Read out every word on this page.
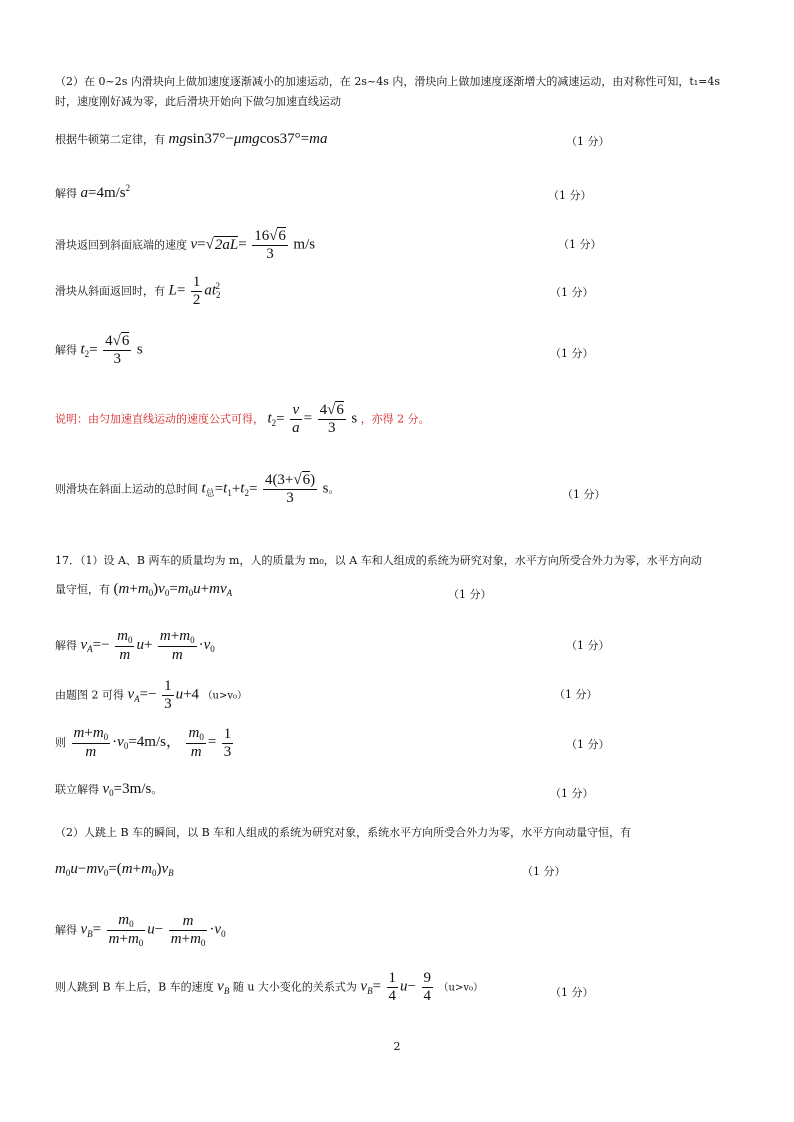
（2）在 0~2s 内滑块向上做加速度逐渐减小的加速运动，在 2s~4s 内，滑块向上做加速度逐渐增大的减速运动，由对称性可知，t₁=4s
时，速度刚好减为零，此后滑块开始向下做匀加速直线运动
根据牛顿第二定律，有 mgsin37°−μmgcos37°=ma	（1 分）
解得 $a=4m/s^2$
（1 分）
滑块返回到斜面底端的速度 $v=√2aL= \frac{16√6}{3} m/s$	（1 分）
滑块从斜面返回时，有 $L= \frac{1}{2} at_2^2$
（1 分）
解得 $t_2= \frac{4√6}{3}$ s	（1 分）
说明：由匀加速直线运动的速度公式可得， $t_2= \frac{v}{a} = \frac{4√6}{3}$ s ，亦得 2 分。
则滑块在斜面上运动的总时间 $t_总=t_1+t_2= \frac{4(3+√6)}{3}$ s。	（1 分）
17．（1）设 A、B 两车的质量均为 m，人的质量为 m₀，以 A 车和人组成的系统为研究对象，水平方向所受合外力为零，水平方向动
量守恒，有 $(m+m_0)v_0=m_0u+mv_A$	（1 分）
解得 $v_A=- \frac{m_0}{m} u+ \frac{m+m_0}{m} \cdot v_0$	（1 分）
由题图 2 可得 $v_A=- \frac{1}{3} u+4$ （u>v₀）	（1 分）
则 $\frac{m+m_0}{m} \cdot v_0=4m/s$， $\frac{m_0}{m} = \frac{1}{3}$	（1 分）
联立解得 $v_0=3m/s$。	（1 分）
（2）人跳上 B 车的瞬间，以 B 车和人组成的系统为研究对象，系统水平方向所受合外力为零，水平方向动量守恒，有
$m_0u-mv_0=(m+m_0)v_B$	（1 分）
解得 $v_B= \frac{m_0}{m+m_0} u- \frac{m}{m+m_0} \cdot v_0$
则人跳到 B 车上后，B 车的速度 $v_B$ 随 u 大小变化的关系式为 $v_B= \frac{1}{4} u- \frac{9}{4} (u>v_0)$	（1 分）
2
